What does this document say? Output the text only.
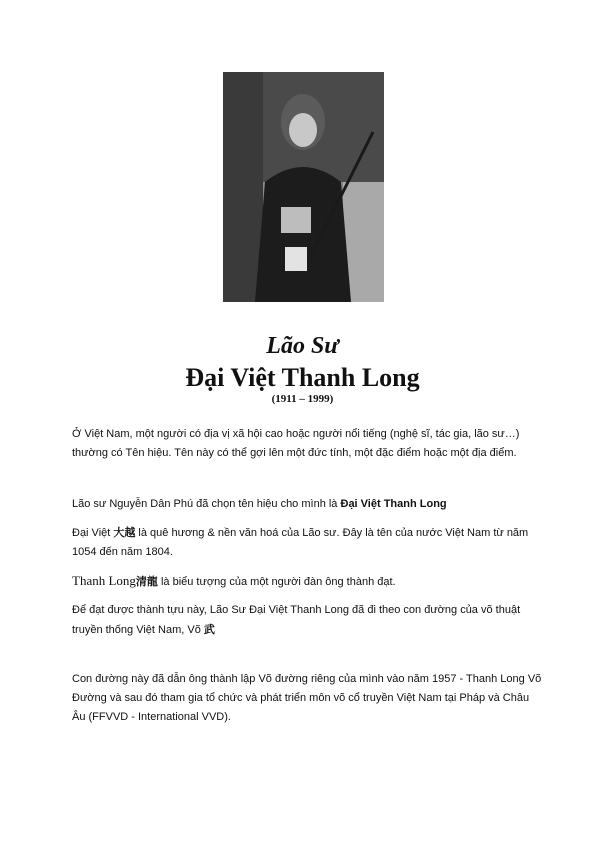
Lão Sư
Đại Việt Thanh Long
(1911 – 1999)
Ở Việt Nam, một người có địa vị xã hội cao hoặc người nổi tiếng (nghệ sĩ, tác gia, lão sư…) thường có Tên hiệu. Tên này có thể gợi lên một đức tính, một đặc điểm hoặc một địa điểm.
Lão sư Nguyễn Dân Phú đã chọn tên hiệu cho mình là Đại Việt Thanh Long
Đại Việt 大越 là quê hương & nền văn hoá của Lão sư. Đây là tên của nước Việt Nam từ năm 1054 đến năm 1804.
Thanh Long清龍 là biểu tượng của một người đàn ông thành đạt.
Để đạt được thành tựu này, Lão Sư Đại Việt Thanh Long đã đi theo con đường của võ thuật truyền thống Việt Nam, Võ 武
Con đường này đã dẫn ông thành lập Võ đường riêng của mình vào năm 1957 - Thanh Long Võ Đường và sau đó tham gia tổ chức và phát triển môn võ cổ truyền Việt Nam tại Pháp và Châu Âu (FFVVD - International VVD).
